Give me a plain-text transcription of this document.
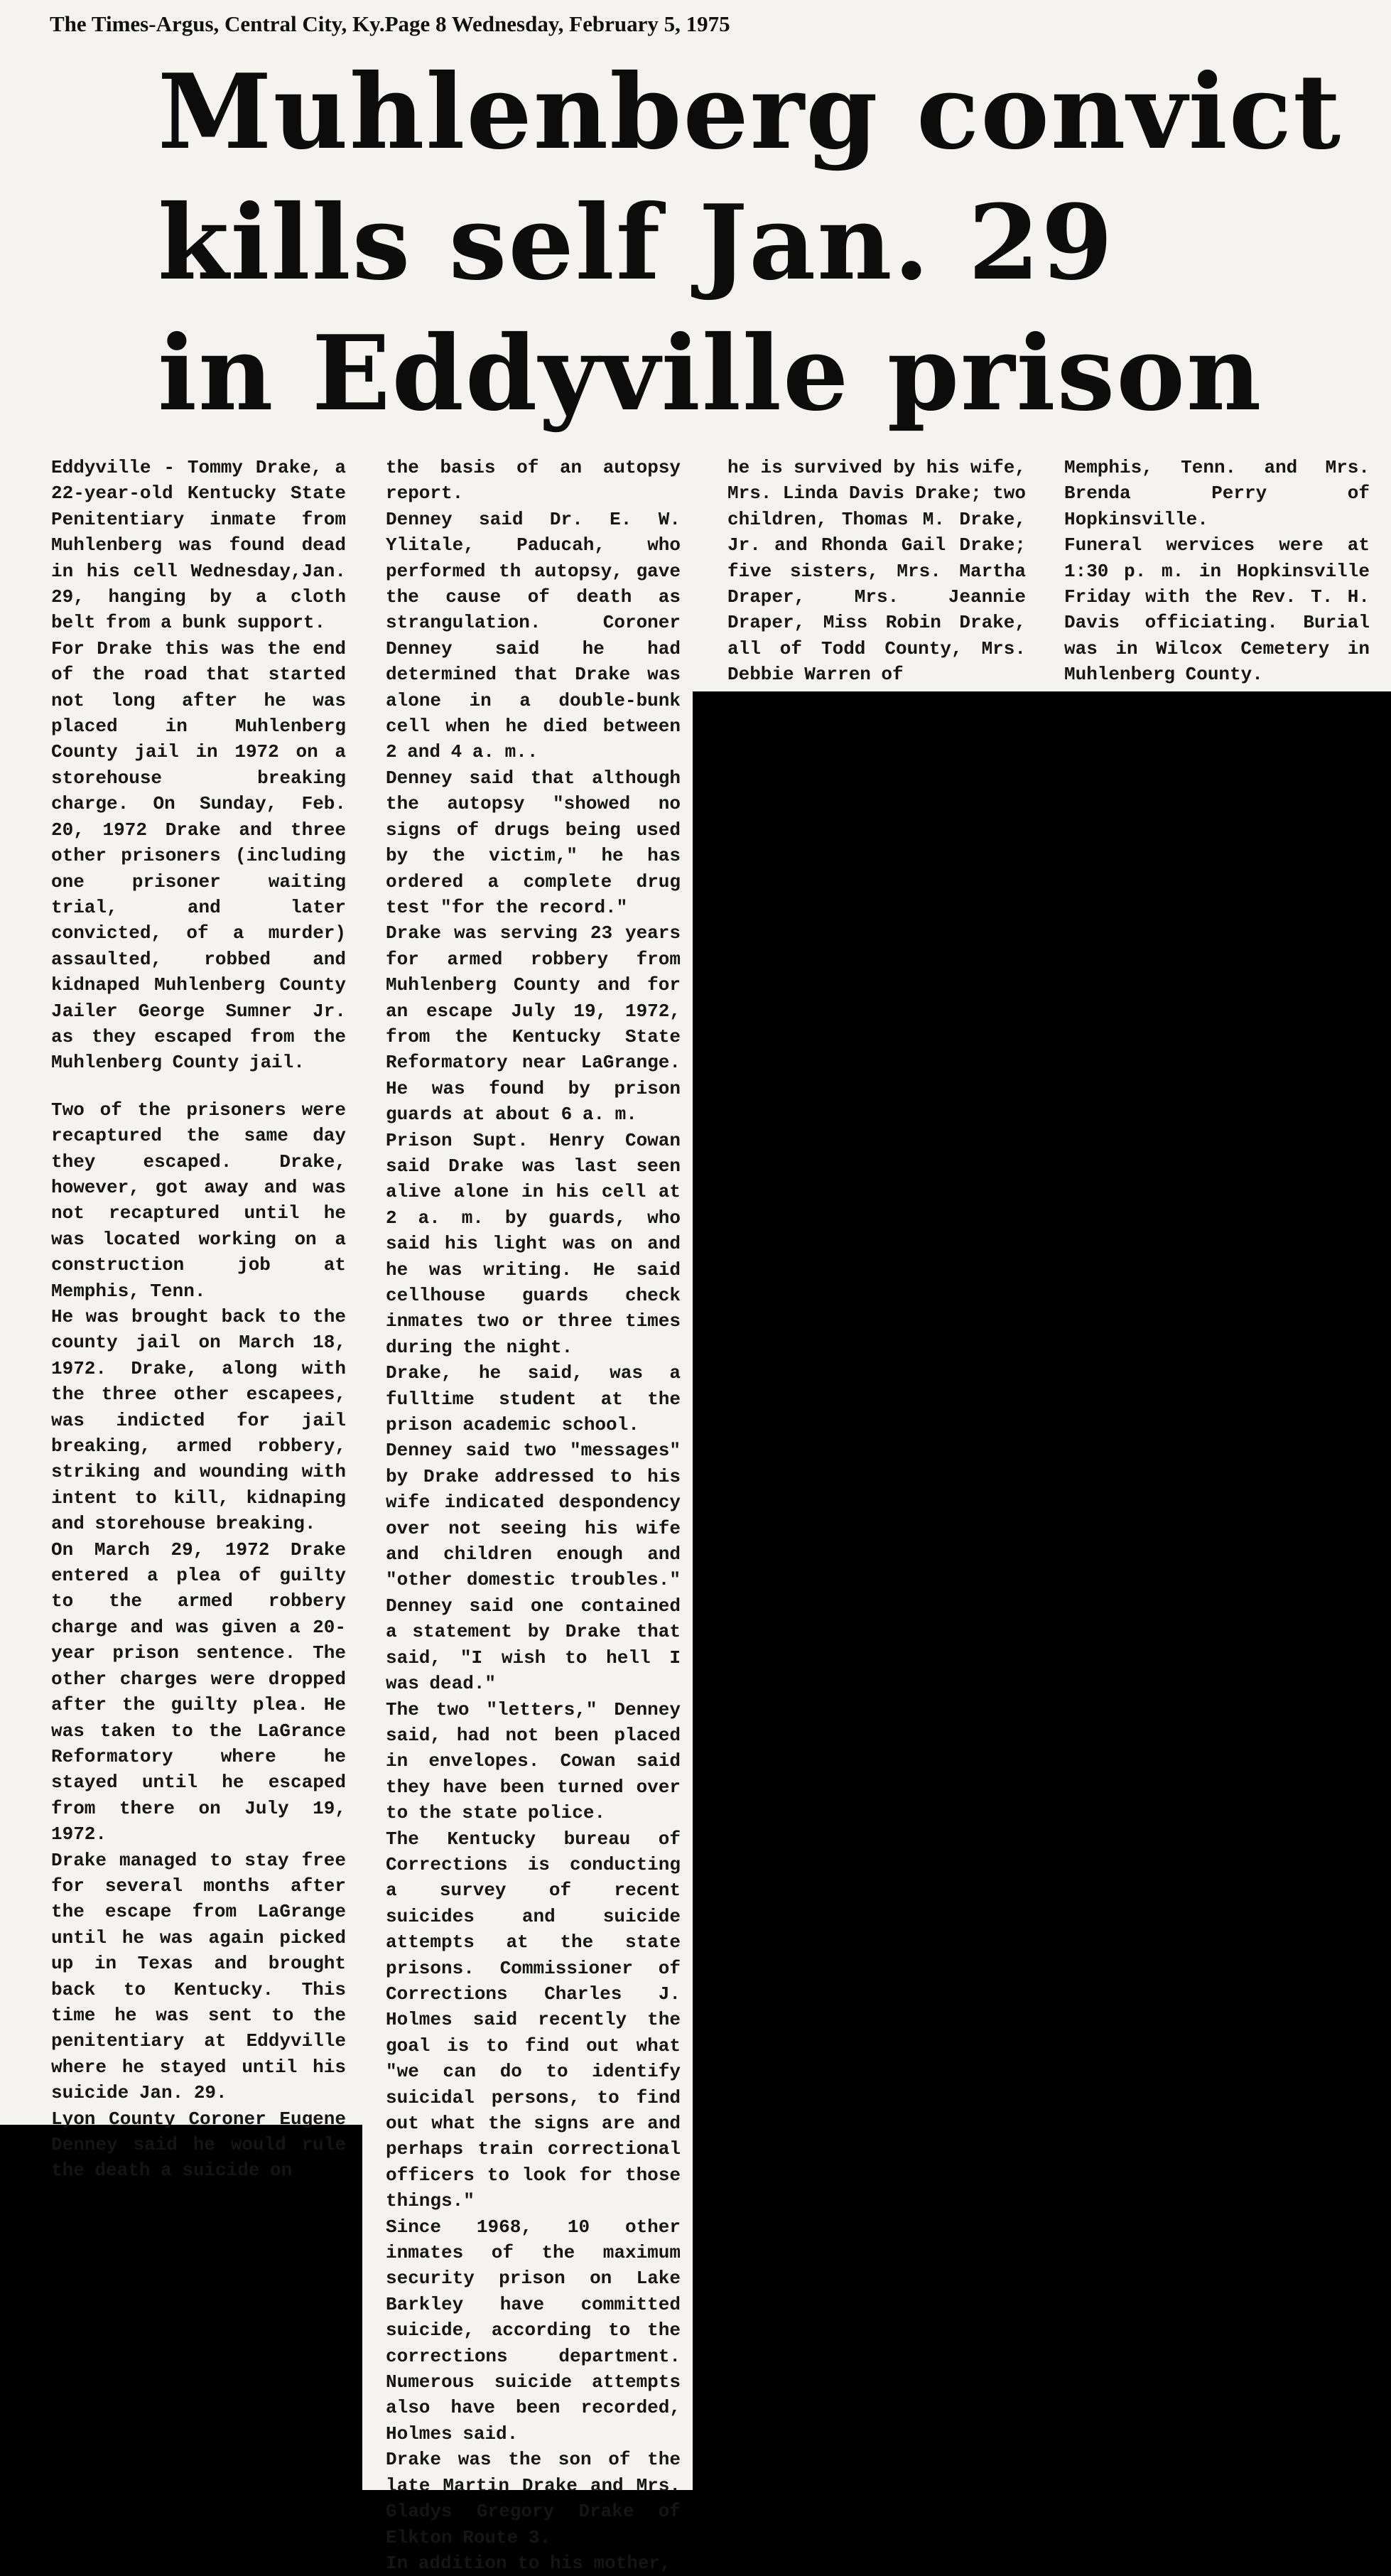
The Times-Argus, Central City, Ky.Page 8 Wednesday, February 5, 1975
Muhlenberg convict
kills self Jan. 29
in Eddyville prison

Eddyville - Tommy Drake, a 22-year-old Kentucky State Penitentiary inmate from Muhlenberg was found dead in his cell Wednesday,Jan. 29, hanging by a cloth belt from a bunk support.

For Drake this was the end of the road that started not long after he was placed in Muhlenberg County jail in 1972 on a storehouse breaking charge. On Sunday, Feb. 20, 1972 Drake and three other prisoners (including one prisoner waiting trial, and later convicted, of a murder) assaulted, robbed and kidnaped Muhlenberg County Jailer George Sumner Jr. as they escaped from the Muhlenberg County jail.

Two of the prisoners were recaptured the same day they escaped. Drake, however, got away and was not recaptured until he was located working on a construction job at Memphis, Tenn.

He was brought back to the county jail on March 18, 1972. Drake, along with the three other escapees, was indicted for jail breaking, armed robbery, striking and wounding with intent to kill, kidnaping and storehouse breaking.

On March 29, 1972 Drake entered a plea of guilty to the armed robbery charge and was given a 20-year prison sentence. The other charges were dropped after the guilty plea. He was taken to the LaGrance Reformatory where he stayed until he escaped from there on July 19, 1972.

Drake managed to stay free for several months after the escape from LaGrange until he was again picked up in Texas and brought back to Kentucky. This time he was sent to the penitentiary at Eddyville where he stayed until his suicide Jan. 29.

Lyon County Coroner Eugene Denney said he would rule the death a suicide on

the basis of an autopsy report.

Denney said Dr. E. W. Ylitale, Paducah, who performed th autopsy, gave the cause of death as strangulation. Coroner Denney said he had determined that Drake was alone in a double-bunk cell when he died between 2 and 4 a. m..

Denney said that although the autopsy "showed no signs of drugs being used by the victim," he has ordered a complete drug test "for the record."

Drake was serving 23 years for armed robbery from Muhlenberg County and for an escape July 19, 1972, from the Kentucky State Reformatory near LaGrange. He was found by prison guards at about 6 a. m.

Prison Supt. Henry Cowan said Drake was last seen alive alone in his cell at 2 a. m. by guards, who said his light was on and he was writing. He said cellhouse guards check inmates two or three times during the night.

Drake, he said, was a fulltime student at the prison academic school.

Denney said two "messages" by Drake addressed to his wife indicated despondency over not seeing his wife and children enough and "other domestic troubles." Denney said one contained a statement by Drake that said, "I wish to hell I was dead."

The two "letters," Denney said, had not been placed in envelopes. Cowan said they have been turned over to the state police.

The Kentucky bureau of Corrections is conducting a survey of recent suicides and suicide attempts at the state prisons. Commissioner of Corrections Charles J. Holmes said recently the goal is to find out what "we can do to identify suicidal persons, to find out what the signs are and perhaps train correctional officers to look for those things."

Since 1968, 10 other inmates of the maximum security prison on Lake Barkley have committed suicide, according to the corrections department. Numerous suicide attempts also have been recorded, Holmes said.

Drake was the son of the late Martin Drake and Mrs. Gladys Gregory Drake of Elkton Route 3.

In addition to his mother,

he is survived by his wife, Mrs. Linda Davis Drake; two children, Thomas M. Drake, Jr. and Rhonda Gail Drake; five sisters, Mrs. Martha Draper, Mrs. Jeannie Draper, Miss Robin Drake, all of Todd County, Mrs. Debbie Warren of

Memphis, Tenn. and Mrs. Brenda Perry of Hopkinsville.

Funeral wervices were at 1:30 p. m. in Hopkinsville Friday with the Rev. T. H. Davis officiating. Burial was in Wilcox Cemetery in Muhlenberg County.
